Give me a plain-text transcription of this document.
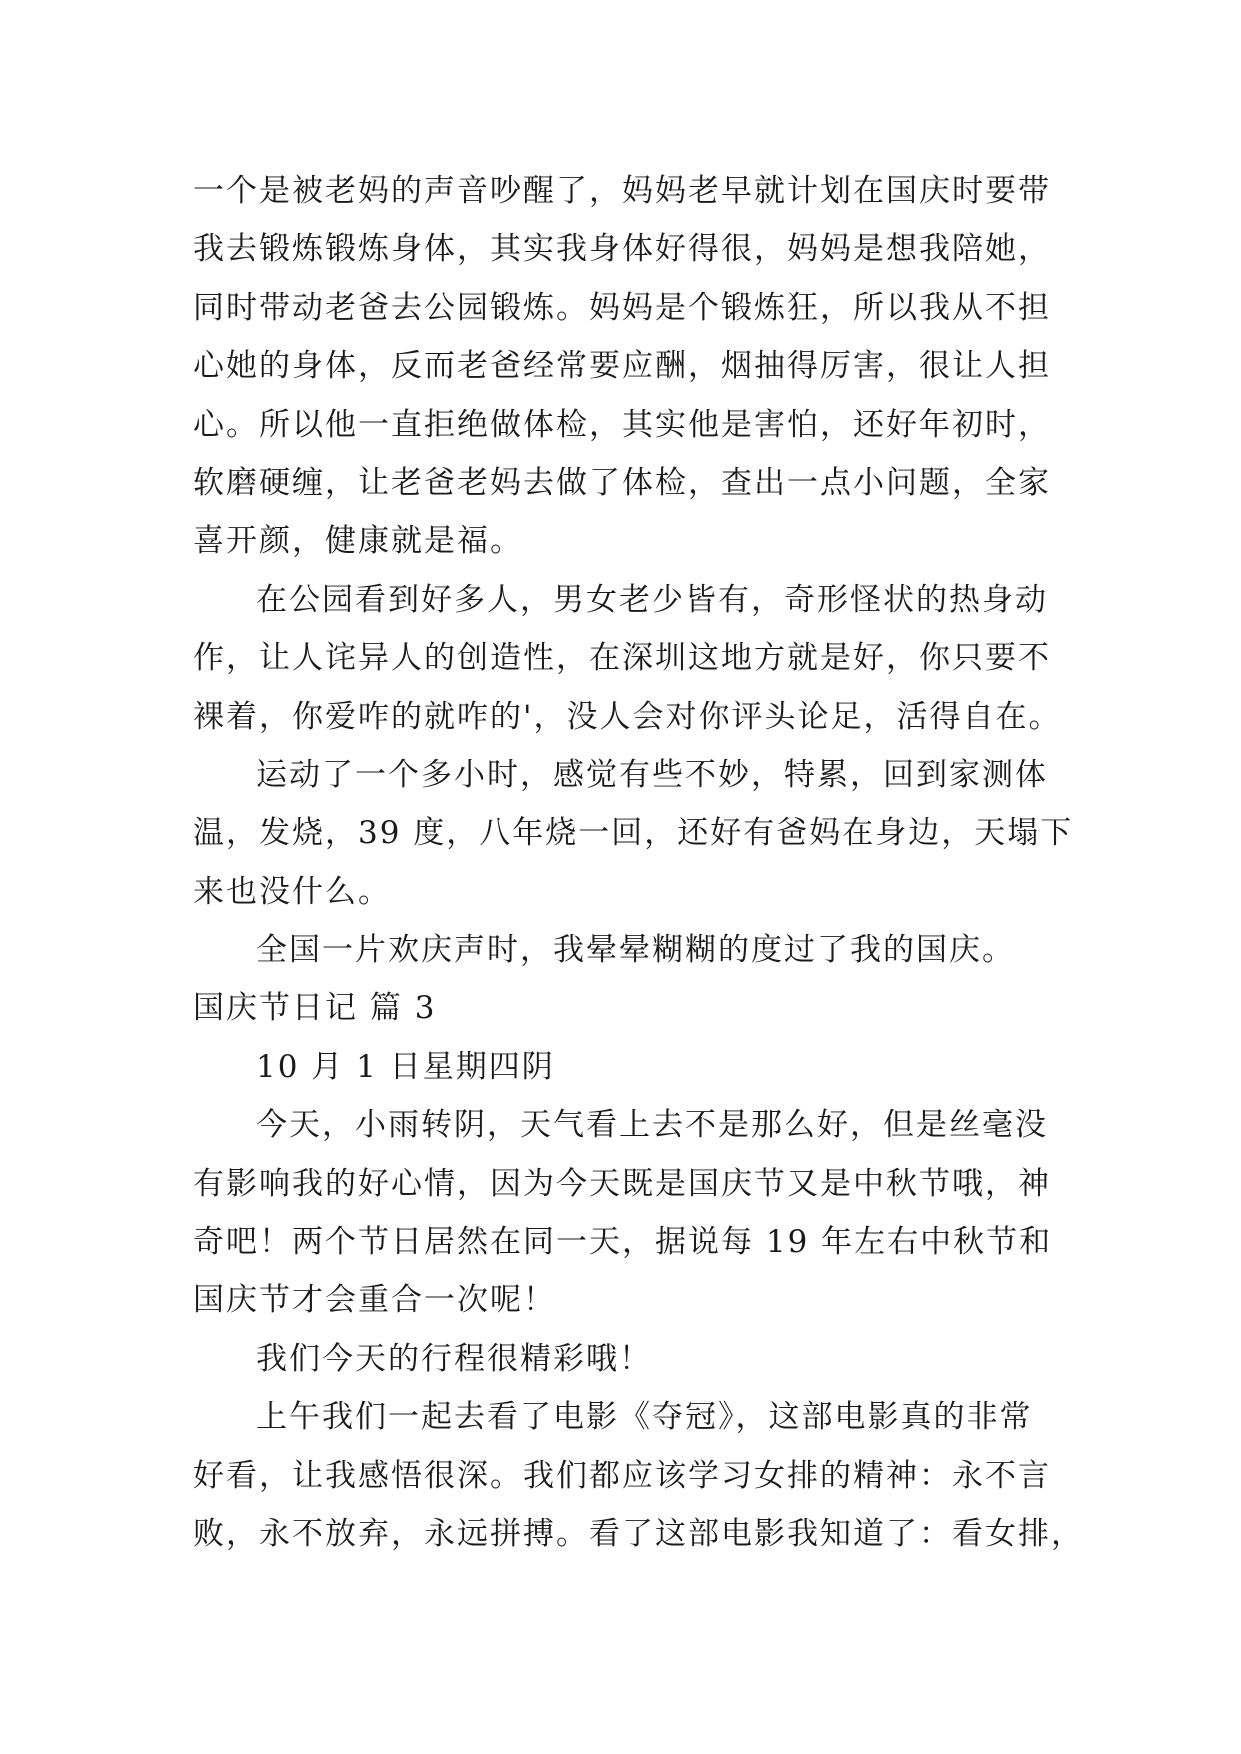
一个是被老妈的声音吵醒了，妈妈老早就计划在国庆时要带
我去锻炼锻炼身体，其实我身体好得很，妈妈是想我陪她，
同时带动老爸去公园锻炼。妈妈是个锻炼狂，所以我从不担
心她的身体，反而老爸经常要应酬，烟抽得厉害，很让人担
心。所以他一直拒绝做体检，其实他是害怕，还好年初时，
软磨硬缠，让老爸老妈去做了体检，查出一点小问题，全家
喜开颜，健康就是福。
在公园看到好多人，男女老少皆有，奇形怪状的热身动
作，让人诧异人的创造性，在深圳这地方就是好，你只要不
裸着，你爱咋的就咋的'，没人会对你评头论足，活得自在。
运动了一个多小时，感觉有些不妙，特累，回到家测体
温，发烧，39 度，八年烧一回，还好有爸妈在身边，天塌下
来也没什么。
全国一片欢庆声时，我晕晕糊糊的度过了我的国庆。
国庆节日记 篇 3
10 月 1 日星期四阴
今天，小雨转阴，天气看上去不是那么好，但是丝毫没
有影响我的好心情，因为今天既是国庆节又是中秋节哦，神
奇吧！两个节日居然在同一天，据说每 19 年左右中秋节和
国庆节才会重合一次呢！
我们今天的行程很精彩哦！
上午我们一起去看了电影《夺冠》，这部电影真的非常
好看，让我感悟很深。我们都应该学习女排的精神：永不言
败，永不放弃，永远拼搏。看了这部电影我知道了：看女排，
